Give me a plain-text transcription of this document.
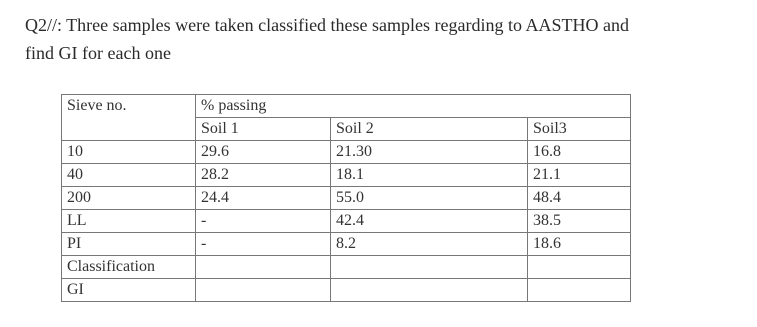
Q2//: Three samples were taken classified these samples regarding to AASTHO and
find GI for each one
Sieve no.	% passing		
	Soil 1	Soil 2	Soil3
10	29.6	21.30	16.8
40	28.2	18.1	21.1
200	24.4	55.0	48.4
LL	-	42.4	38.5
PI	-	8.2	18.6
Classification			
GI			
